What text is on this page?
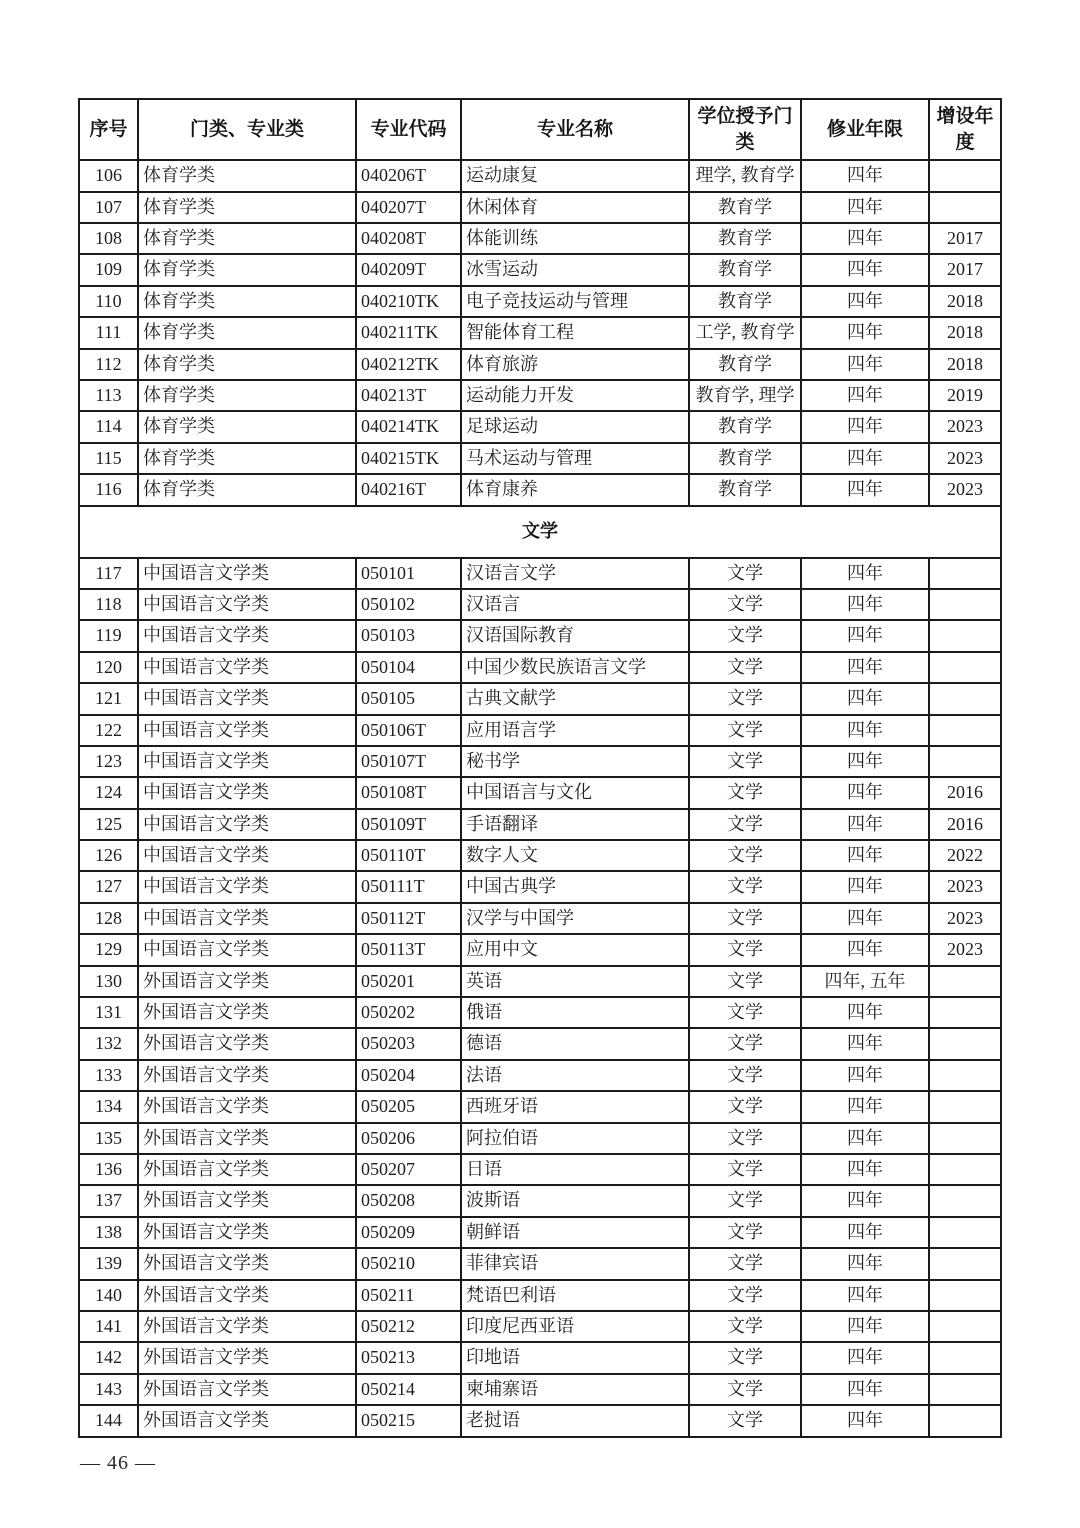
序号	门类、专业类	专业代码	专业名称	学位授予门类	修业年限	增设年度
106	体育学类	040206T	运动康复	理学, 教育学	四年	
107	体育学类	040207T	休闲体育	教育学	四年	
108	体育学类	040208T	体能训练	教育学	四年	2017
109	体育学类	040209T	冰雪运动	教育学	四年	2017
110	体育学类	040210TK	电子竞技运动与管理	教育学	四年	2018
111	体育学类	040211TK	智能体育工程	工学, 教育学	四年	2018
112	体育学类	040212TK	体育旅游	教育学	四年	2018
113	体育学类	040213T	运动能力开发	教育学, 理学	四年	2019
114	体育学类	040214TK	足球运动	教育学	四年	2023
115	体育学类	040215TK	马术运动与管理	教育学	四年	2023
116	体育学类	040216T	体育康养	教育学	四年	2023
文学						
117	中国语言文学类	050101	汉语言文学	文学	四年	
118	中国语言文学类	050102	汉语言	文学	四年	
119	中国语言文学类	050103	汉语国际教育	文学	四年	
120	中国语言文学类	050104	中国少数民族语言文学	文学	四年	
121	中国语言文学类	050105	古典文献学	文学	四年	
122	中国语言文学类	050106T	应用语言学	文学	四年	
123	中国语言文学类	050107T	秘书学	文学	四年	
124	中国语言文学类	050108T	中国语言与文化	文学	四年	2016
125	中国语言文学类	050109T	手语翻译	文学	四年	2016
126	中国语言文学类	050110T	数字人文	文学	四年	2022
127	中国语言文学类	050111T	中国古典学	文学	四年	2023
128	中国语言文学类	050112T	汉学与中国学	文学	四年	2023
129	中国语言文学类	050113T	应用中文	文学	四年	2023
130	外国语言文学类	050201	英语	文学	四年, 五年	
131	外国语言文学类	050202	俄语	文学	四年	
132	外国语言文学类	050203	德语	文学	四年	
133	外国语言文学类	050204	法语	文学	四年	
134	外国语言文学类	050205	西班牙语	文学	四年	
135	外国语言文学类	050206	阿拉伯语	文学	四年	
136	外国语言文学类	050207	日语	文学	四年	
137	外国语言文学类	050208	波斯语	文学	四年	
138	外国语言文学类	050209	朝鲜语	文学	四年	
139	外国语言文学类	050210	菲律宾语	文学	四年	
140	外国语言文学类	050211	梵语巴利语	文学	四年	
141	外国语言文学类	050212	印度尼西亚语	文学	四年	
142	外国语言文学类	050213	印地语	文学	四年	
143	外国语言文学类	050214	柬埔寨语	文学	四年	
144	外国语言文学类	050215	老挝语	文学	四年	
— 46 —
